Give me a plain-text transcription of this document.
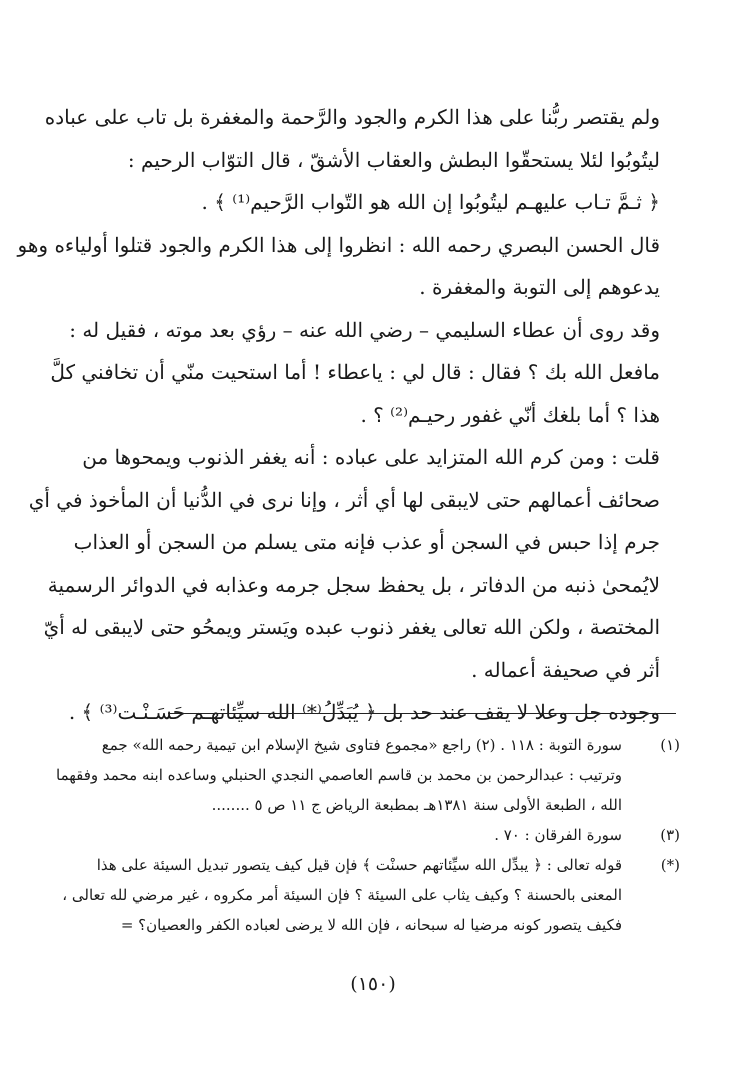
ولم يقتصر ربُّنا على هذا الكرم والجود والرَّحمة والمغفرة بل تاب على عباده
ليتُوبُوا لئلا يستحقّوا البطش والعقاب الأشقّ ، قال التوّاب الرحيم :
﴿ ثـمَّ تـاب عليهـم ليتُوبُوا إن الله هو التّواب الرَّحيم⁽¹⁾ ﴾ .

قال الحسن البصري رحمه الله : انظروا إلى هذا الكرم والجود قتلوا أولياءه وهو
يدعوهم إلى التوبة والمغفرة .

وقد روى أن عطاء السليمي – رضي الله عنه – رؤي بعد موته ، فقيل له :
مافعل الله بك ؟ فقال : قال لي : ياعطاء ! أما استحيت منّي أن تخافني كلَّ
هذا ؟ أما بلغك أنّي غفور رحيـم⁽²⁾ ؟ .

قلت : ومن كرم الله المتزايد على عباده : أنه يغفر الذنوب ويمحوها من
صحائف أعمالهم حتى لايبقى لها أي أثر ، وإنا نرى في الدُّنيا أن المأخوذ في أي
جرم إذا حبس في السجن أو عذب فإنه متى يسلم من السجن أو العذاب
لايُمحىٰ ذنبه من الدفاتر ، بل يحفظ سجل جرمه وعذابه في الدوائر الرسمية
المختصة ، ولكن الله تعالى يغفر ذنوب عبده ويَستر ويمحُو حتى لايبقى له أيّ
أثر في صحيفة أعماله .

وجوده جل وعلا لا يقف عند حد بل ﴿ يُبَدِّلُ⁽*⁾ الله سيِّئاتهـم حَسَـنْـت⁽³⁾ ﴾ .

(١)
سورة التوبة : ١١٨ . (٢) راجع «مجموع فتاوى شيخ الإسلام ابن تيمية رحمه الله» جمع
وترتيب : عبدالرحمن بن محمد بن قاسم العاصمي النجدي الحنبلي وساعده ابنه محمد وفقهما
الله ، الطبعة الأولى سنة ١٣٨١هـ بمطبعة الرياض ج ١١ ص ٥ ........
(٣)
سورة الفرقان : ٧٠ .
(*)
قوله تعالى : ﴿ يبدِّل الله سيِّئاتهم حسنْت ﴾ فإن قيل كيف يتصور تبديل السيئة على هذا
المعنى بالحسنة ؟ وكيف يثاب على السيئة ؟ فإن السيئة أمر مكروه ، غير مرضي لله تعالى ،
فكيف يتصور كونه مرضيا له سبحانه ، فإن الله لا يرضى لعباده الكفر والعصيان؟ =
(١٥٠)
